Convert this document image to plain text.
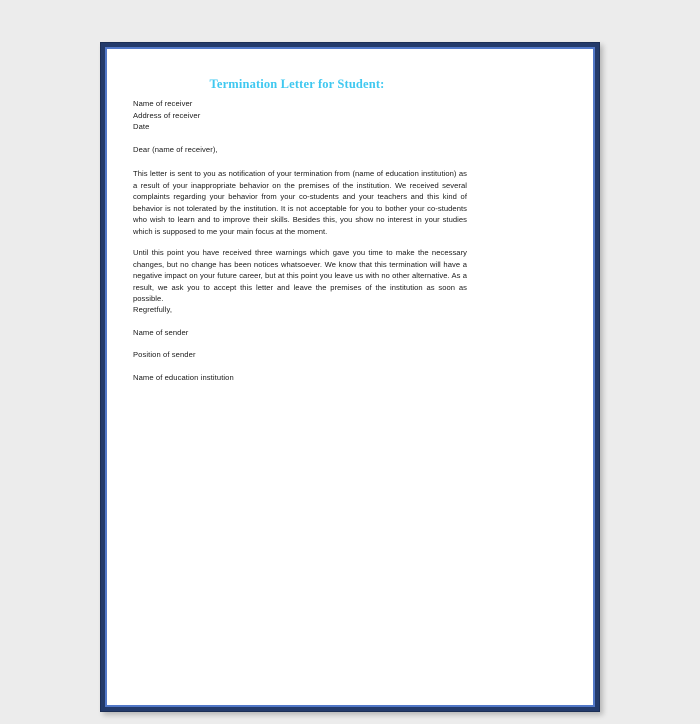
Termination Letter for Student:
Name of receiver
Address of receiver
Date
Dear (name of receiver),
This letter is sent to you as notification of your termination from (name of education institution) as a result of your inappropriate behavior on the premises of the institution. We received several complaints regarding your behavior from your co-students and your teachers and this kind of behavior is not tolerated by the institution. It is not acceptable for you to bother your co-students who wish to learn and to improve their skills. Besides this, you show no interest in your studies which is supposed to me your main focus at the moment.
Until this point you have received three warnings which gave you time to make the necessary changes, but no change has been notices whatsoever. We know that this termination will have a negative impact on your future career, but at this point you leave us with no other alternative. As a result, we ask you to accept this letter and leave the premises of the institution as soon as possible.
Regretfully,
Name of sender
Position of sender
Name of education institution
